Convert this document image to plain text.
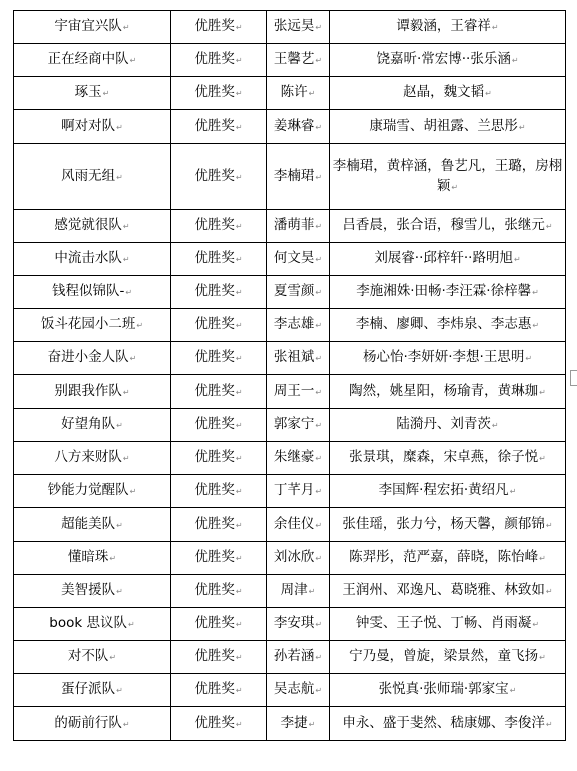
宇宙宜兴队↵	优胜奖↵	张远昊↵	谭毅涵，王睿祥↵
正在经商中队↵	优胜奖↵	王馨艺↵	饶嘉昕·常宏博··张乐涵↵
琢玉↵	优胜奖↵	陈许↵	赵晶，魏文韬↵
啊对对队↵	优胜奖↵	姜琳睿↵	康瑞雪、胡祖露、兰思彤↵
风雨无组↵	优胜奖↵	李楠珺↵	李楠珺，黄梓涵，鲁艺凡，王璐，房栩颖↵
感觉就很队↵	优胜奖↵	潘萌菲↵	吕香晨，张合语，穆雪儿，张继元↵
中流击水队↵	优胜奖↵	何文昊↵	刘展睿··邱梓轩··路明旭↵
钱程似锦队-↵	优胜奖↵	夏雪颜↵	李施湘姝·田畅·李汪霖·徐梓馨↵
饭斗花园小二班↵	优胜奖↵	李志雄↵	李楠、廖卿、李炜泉、李志惠↵
奋进小金人队↵	优胜奖↵	张祖斌↵	杨心怡·李妍妍·李想·王思明↵
别跟我作队↵	优胜奖↵	周王一↵	陶然，姚星阳，杨瑜青，黄琳珈↵
好望角队↵	优胜奖↵	郭家宁↵	陆漪丹、刘青茨↵
八方来财队↵	优胜奖↵	朱继豪↵	张景琪，糜森，宋卓燕，徐子悦↵
钞能力觉醒队↵	优胜奖↵	丁芊月↵	李国辉·程宏拓·黄绍凡↵
超能美队↵	优胜奖↵	余佳仪↵	张佳瑶，张力兮，杨天馨，颜郁锦↵
懂暗珠↵	优胜奖↵	刘冰欣↵	陈羿彤，范严嘉，薛晓，陈怡峰↵
美智援队↵	优胜奖↵	周津↵	王润州、邓逸凡、葛晓雅、林致如↵
book 思议队↵	优胜奖↵	李安琪↵	钟雯、王子悦、丁畅、肖雨凝↵
对不队↵	优胜奖↵	孙若涵↵	宁乃曼，曾旋，梁景然，童飞扬↵
蛋仔派队↵	优胜奖↵	吴志航↵	张悦真·张师瑞·郭家宝↵
的砺前行队↵	优胜奖↵	李捷↵	申永、盛于斐然、嵇康娜、李俊洋↵
